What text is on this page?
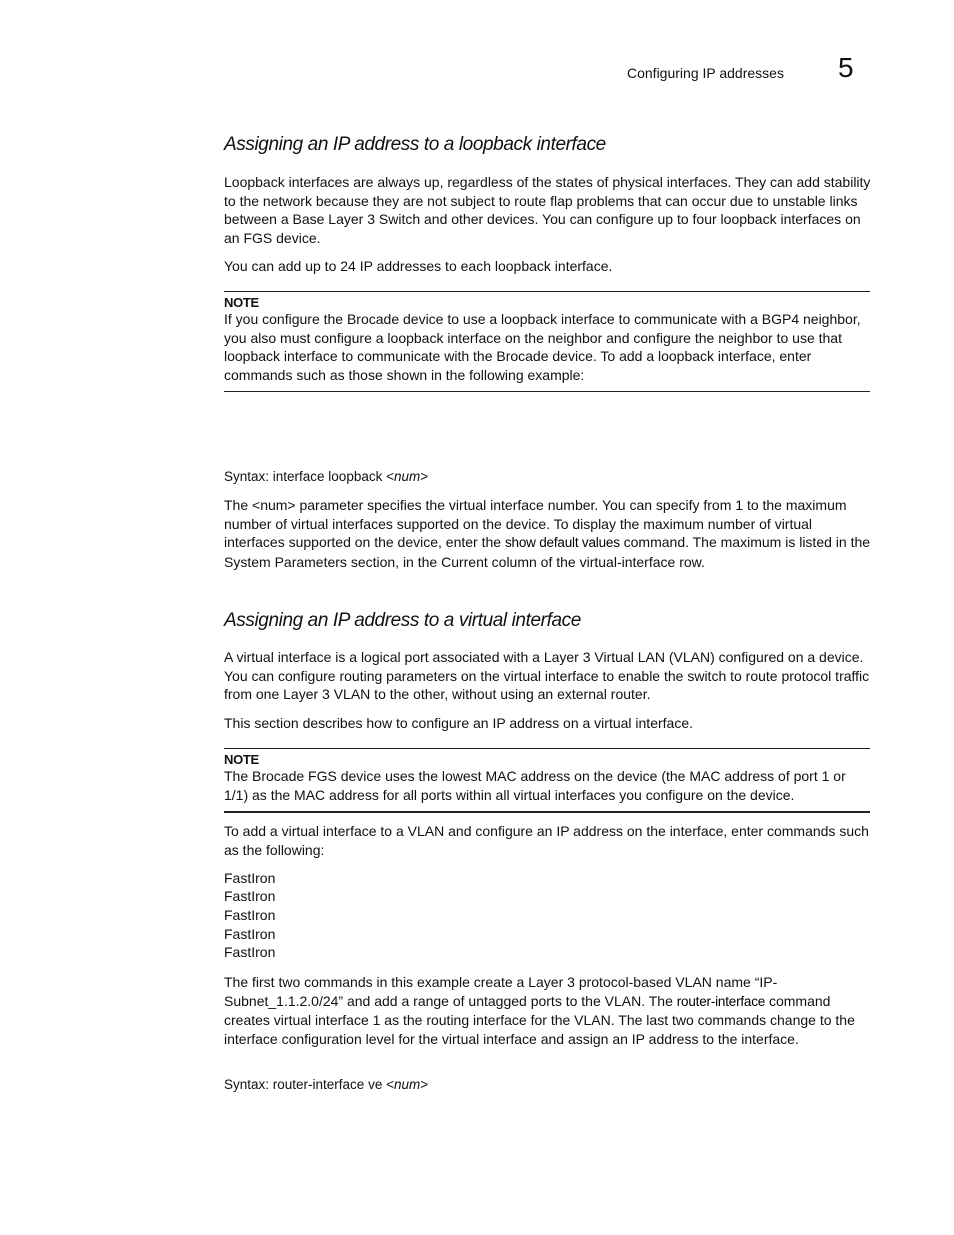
Configuring IP addresses 5
Assigning an IP address to a loopback interface
Loopback interfaces are always up, regardless of the states of physical interfaces. They can add stability to the network because they are not subject to route flap problems that can occur due to unstable links between a Base Layer 3 Switch and other devices. You can configure up to four loopback interfaces on an FGS device.
You can add up to 24 IP addresses to each loopback interface.
NOTE
If you configure the Brocade device to use a loopback interface to communicate with a BGP4 neighbor, you also must configure a loopback interface on the neighbor and configure the neighbor to use that loopback interface to communicate with the Brocade device. To add a loopback interface, enter commands such as those shown in the following example:
Syntax: interface loopback <num>
The <num> parameter specifies the virtual interface number. You can specify from 1 to the maximum number of virtual interfaces supported on the device. To display the maximum number of virtual interfaces supported on the device, enter the show default values command. The maximum is listed in the System Parameters section, in the Current column of the virtual-interface row.
Assigning an IP address to a virtual interface
A virtual interface is a logical port associated with a Layer 3 Virtual LAN (VLAN) configured on a device. You can configure routing parameters on the virtual interface to enable the switch to route protocol traffic from one Layer 3 VLAN to the other, without using an external router.
This section describes how to configure an IP address on a virtual interface.
NOTE
The Brocade FGS device uses the lowest MAC address on the device (the MAC address of port 1 or 1/1) as the MAC address for all ports within all virtual interfaces you configure on the device.
To add a virtual interface to a VLAN and configure an IP address on the interface, enter commands such as the following:
FastIron
FastIron
FastIron
FastIron
FastIron
The first two commands in this example create a Layer 3 protocol-based VLAN name “IP-Subnet_1.1.2.0/24” and add a range of untagged ports to the VLAN. The router-interface command creates virtual interface 1 as the routing interface for the VLAN. The last two commands change to the interface configuration level for the virtual interface and assign an IP address to the interface.
Syntax: router-interface ve <num>
